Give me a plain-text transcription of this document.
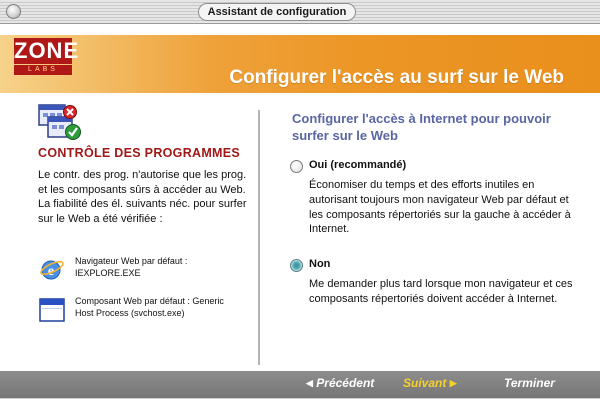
Assistant de configuration
ZONE
LABS	Configurer l'accès au surf sur le Web
CONTRÔLE DES PROGRAMMES
Le contr. des prog. n'autorise que les prog. et les composants sûrs à accéder au Web. La fiabilité des él. suivants néc. pour surfer sur le Web a été vérifiée :
e
Navigateur Web par défaut :
IEXPLORE.EXE
Composant Web par défaut : Generic
Host Process (svchost.exe)
Configurer l'accès à Internet pour pouvoir surfer sur le Web
Oui (recommandé)
Économiser du temps et des efforts inutiles en autorisant toujours mon navigateur Web par défaut et les composants répertoriés sur la gauche à accéder à Internet.
Non
Me demander plus tard lorsque mon navigateur et ces composants répertoriés doivent accéder à Internet.
◀ Précédent Suivant ▶	Terminer
